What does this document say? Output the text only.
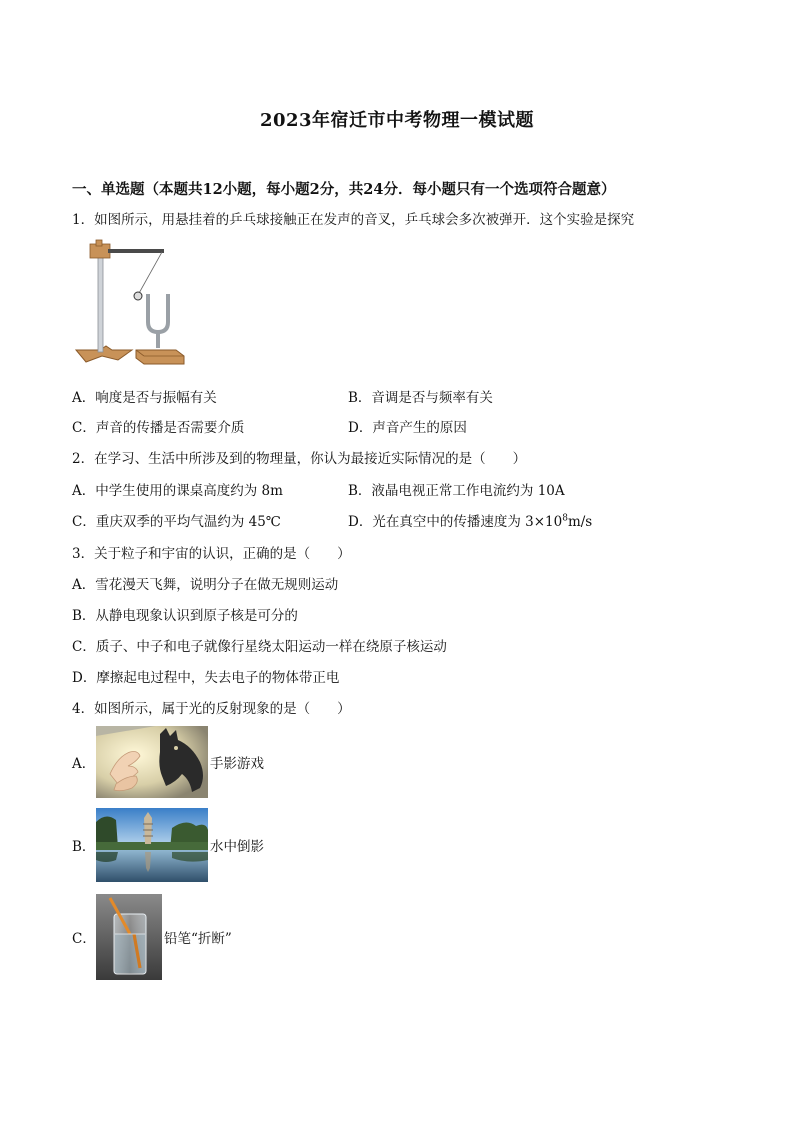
2023年宿迁市中考物理一模试题
一、单选题（本题共12小题，每小题2分，共24分．每小题只有一个选项符合题意）
1．如图所示，用悬挂着的乒乓球接触正在发声的音叉，乒乓球会多次被弹开．这个实验是探究
A．响度是否与振幅有关	B．音调是否与频率有关
C．声音的传播是否需要介质	D．声音产生的原因
2．在学习、生活中所涉及到的物理量，你认为最接近实际情况的是（　　）
A．中学生使用的课桌高度约为 8m	B．液晶电视正常工作电流约为 10A
C．重庆双季的平均气温约为 45℃	D．光在真空中的传播速度为 $3\times 10^8m/s$
3．关于粒子和宇宙的认识，正确的是（　　）
A．雪花漫天飞舞，说明分子在做无规则运动
B．从静电现象认识到原子核是可分的
C．质子、中子和电子就像行星绕太阳运动一样在绕原子核运动
D．摩擦起电过程中，失去电子的物体带正电
4．如图所示，属于光的反射现象的是（　　）
A．	手影游戏
B．	水中倒影
C．	铅笔“折断”
